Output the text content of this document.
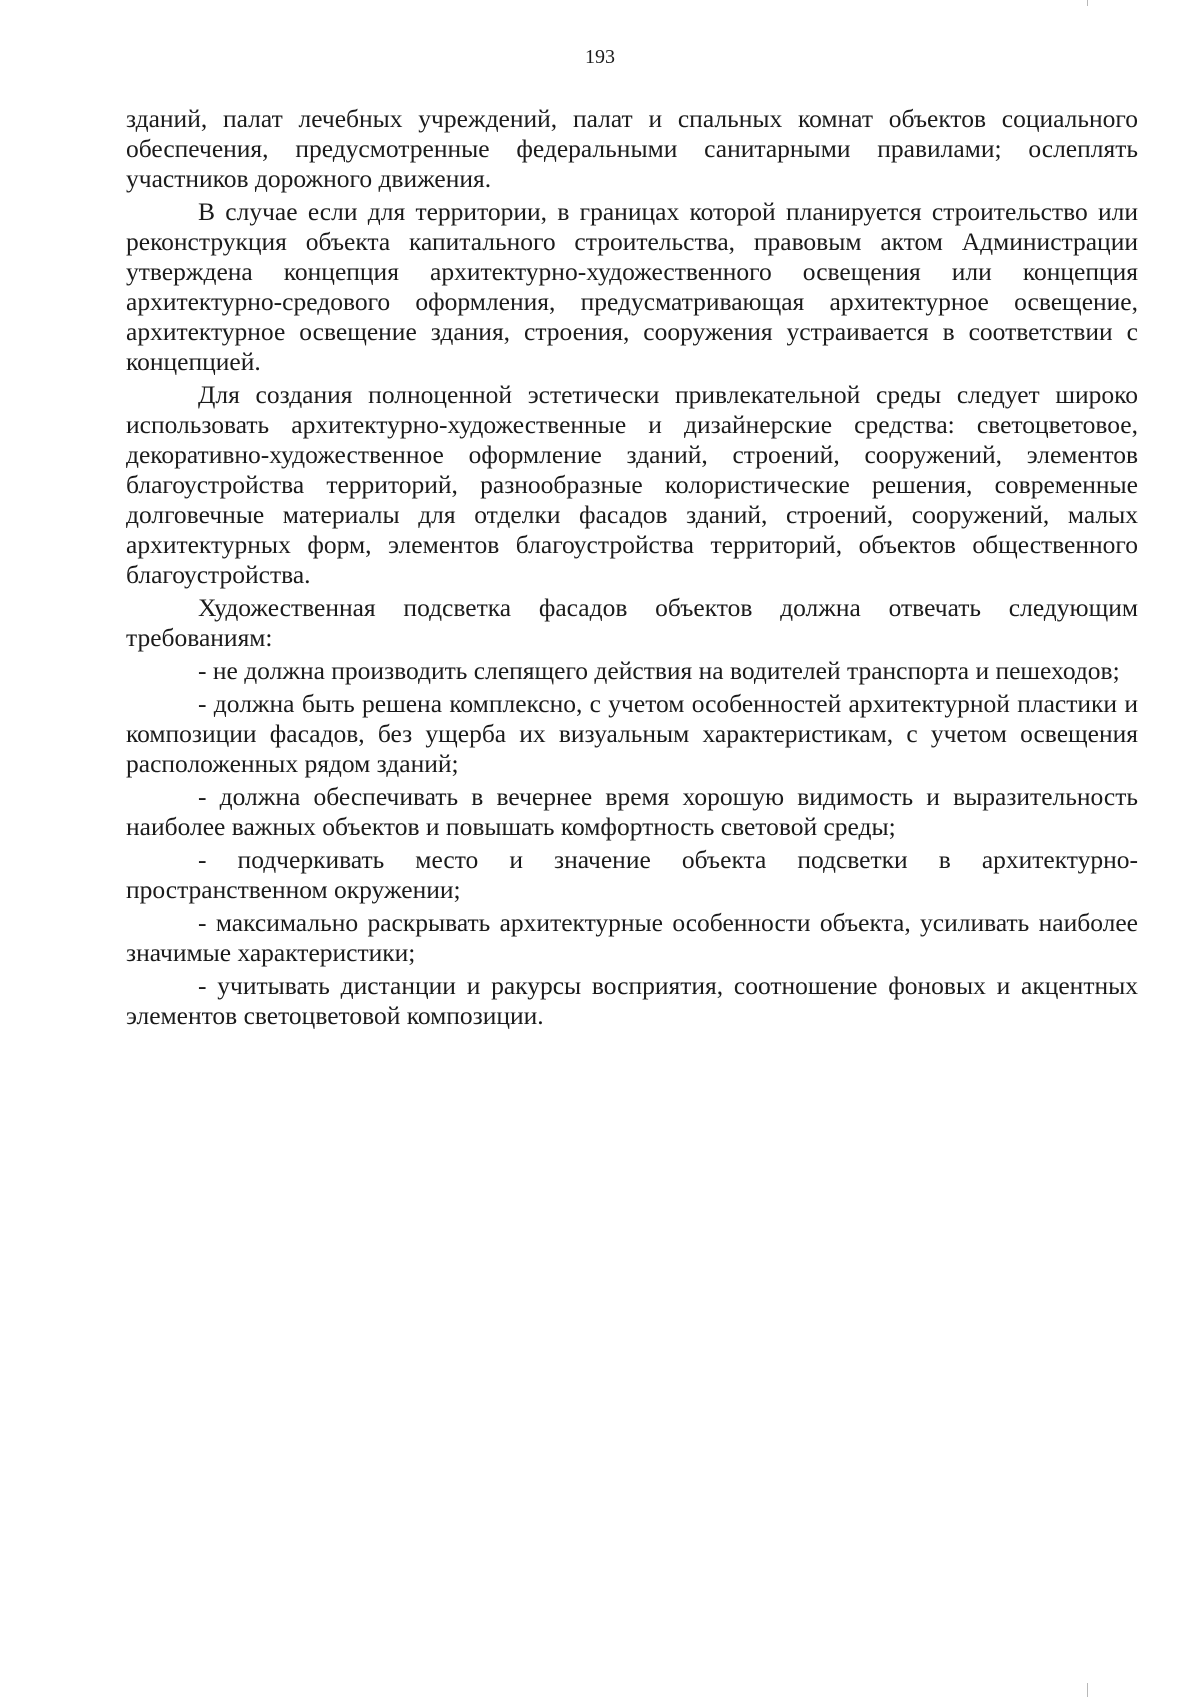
193

зданий, палат лечебных учреждений, палат и спальных комнат объектов социального обеспечения, предусмотренные федеральными санитарными правилами; ослеплять участников дорожного движения.

В случае если для территории, в границах которой планируется строительство или реконструкция объекта капитального строительства, правовым актом Администрации утверждена концепция архитектурно-художественного освещения или концепция архитектурно-средового оформления, предусматривающая архитектурное освещение, архитектурное освещение здания, строения, сооружения устраивается в соответствии с концепцией.

Для создания полноценной эстетически привлекательной среды следует широко использовать архитектурно-художественные и дизайнерские средства: светоцветовое, декоративно-художественное оформление зданий, строений, сооружений, элементов благоустройства территорий, разнообразные колористические решения, современные долговечные материалы для отделки фасадов зданий, строений, сооружений, малых архитектурных форм, элементов благоустройства территорий, объектов общественного благоустройства.

Художественная подсветка фасадов объектов должна отвечать следующим требованиям:

- не должна производить слепящего действия на водителей транспорта и пешеходов;

- должна быть решена комплексно, с учетом особенностей архитектурной пластики и композиции фасадов, без ущерба их визуальным характеристикам, с учетом освещения расположенных рядом зданий;

- должна обеспечивать в вечернее время хорошую видимость и выразительность наиболее важных объектов и повышать комфортность световой среды;

- подчеркивать место и значение объекта подсветки в архитектурно-пространственном окружении;

- максимально раскрывать архитектурные особенности объекта, усиливать наиболее значимые характеристики;

- учитывать дистанции и ракурсы восприятия, соотношение фоновых и акцентных элементов светоцветовой композиции.
